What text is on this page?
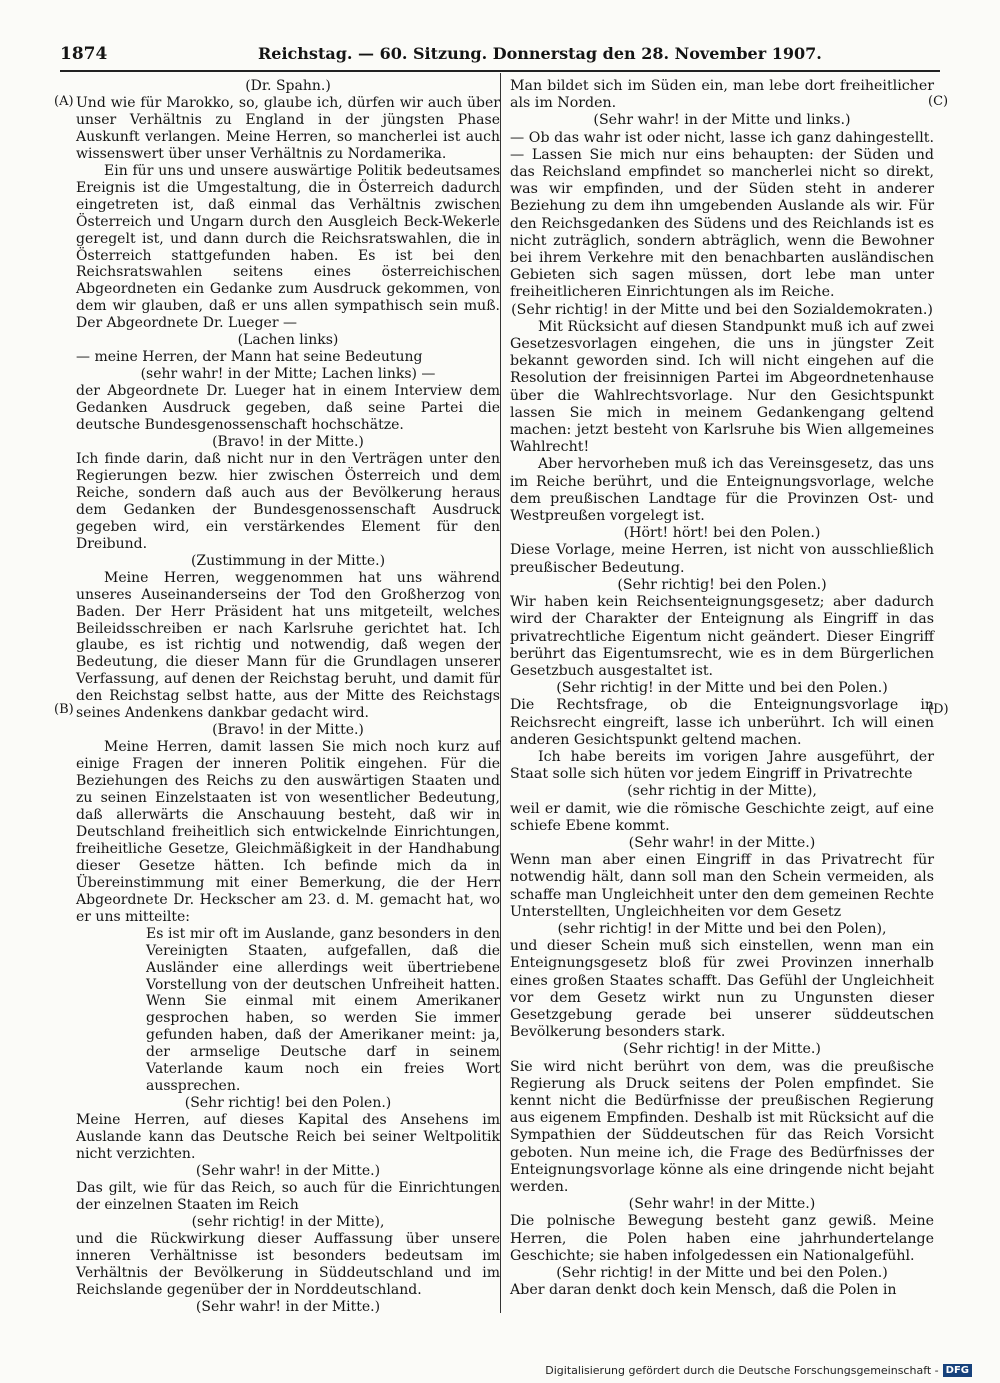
1874	Reichstag. — 60. Sitzung. Donnerstag den 28. November 1907.
(A)
(B)
(C)
(D)

(Dr. Spahn.)

Und wie für Marokko, so, glaube ich, dürfen wir auch über unser Verhältnis zu England in der jüngsten Phase Auskunft verlangen. Meine Herren, so mancherlei ist auch wissenswert über unser Verhältnis zu Nordamerika.

Ein für uns und unsere auswärtige Politik bedeutsames Ereignis ist die Umgestaltung, die in Österreich dadurch eingetreten ist, daß einmal das Verhältnis zwischen Österreich und Ungarn durch den Ausgleich Beck-Wekerle geregelt ist, und dann durch die Reichsratswahlen, die in Österreich stattgefunden haben. Es ist bei den Reichsratswahlen seitens eines österreichischen Abgeordneten ein Gedanke zum Ausdruck gekommen, von dem wir glauben, daß er uns allen sympathisch sein muß. Der Abgeordnete Dr. Lueger —

(Lachen links)

— meine Herren, der Mann hat seine Bedeutung

(sehr wahr! in der Mitte; Lachen links) —

der Abgeordnete Dr. Lueger hat in einem Interview dem Gedanken Ausdruck gegeben, daß seine Partei die deutsche Bundesgenossenschaft hochschätze.

(Bravo! in der Mitte.)

Ich finde darin, daß nicht nur in den Verträgen unter den Regierungen bezw. hier zwischen Österreich und dem Reiche, sondern daß auch aus der Bevölkerung heraus dem Gedanken der Bundesgenossenschaft Ausdruck gegeben wird, ein verstärkendes Element für den Dreibund.

(Zustimmung in der Mitte.)

Meine Herren, weggenommen hat uns während unseres Auseinanderseins der Tod den Großherzog von Baden. Der Herr Präsident hat uns mitgeteilt, welches Beileidsschreiben er nach Karlsruhe gerichtet hat. Ich glaube, es ist richtig und notwendig, daß wegen der Bedeutung, die dieser Mann für die Grundlagen unserer Verfassung, auf denen der Reichstag beruht, und damit für den Reichstag selbst hatte, aus der Mitte des Reichstags seines Andenkens dankbar gedacht wird.

(Bravo! in der Mitte.)

Meine Herren, damit lassen Sie mich noch kurz auf einige Fragen der inneren Politik eingehen. Für die Beziehungen des Reichs zu den auswärtigen Staaten und zu seinen Einzelstaaten ist von wesentlicher Bedeutung, daß allerwärts die Anschauung besteht, daß wir in Deutschland freiheitlich sich entwickelnde Einrichtungen, freiheitliche Gesetze, Gleichmäßigkeit in der Handhabung dieser Gesetze hätten. Ich befinde mich da in Übereinstimmung mit einer Bemerkung, die der Herr Abgeordnete Dr. Heckscher am 23. d. M. gemacht hat, wo er uns mitteilte:

Es ist mir oft im Auslande, ganz besonders in den Vereinigten Staaten, aufgefallen, daß die Ausländer eine allerdings weit übertriebene Vorstellung von der deutschen Unfreiheit hatten. Wenn Sie einmal mit einem Amerikaner gesprochen haben, so werden Sie immer gefunden haben, daß der Amerikaner meint: ja, der armselige Deutsche darf in seinem Vaterlande kaum noch ein freies Wort aussprechen.

(Sehr richtig! bei den Polen.)

Meine Herren, auf dieses Kapital des Ansehens im Auslande kann das Deutsche Reich bei seiner Weltpolitik nicht verzichten.

(Sehr wahr! in der Mitte.)

Das gilt, wie für das Reich, so auch für die Einrichtungen der einzelnen Staaten im Reich

(sehr richtig! in der Mitte),

und die Rückwirkung dieser Auffassung über unsere inneren Verhältnisse ist besonders bedeutsam im Verhältnis der Bevölkerung in Süddeutschland und im Reichslande gegenüber der in Norddeutschland.

(Sehr wahr! in der Mitte.)

Man bildet sich im Süden ein, man lebe dort freiheitlicher als im Norden.

(Sehr wahr! in der Mitte und links.)

— Ob das wahr ist oder nicht, lasse ich ganz dahingestellt. — Lassen Sie mich nur eins behaupten: der Süden und das Reichsland empfindet so mancherlei nicht so direkt, was wir empfinden, und der Süden steht in anderer Beziehung zu dem ihn umgebenden Auslande als wir. Für den Reichsgedanken des Südens und des Reichlands ist es nicht zuträglich, sondern abträglich, wenn die Bewohner bei ihrem Verkehre mit den benachbarten ausländischen Gebieten sich sagen müssen, dort lebe man unter freiheitlicheren Einrichtungen als im Reiche.

(Sehr richtig! in der Mitte und bei den Sozialdemokraten.)

Mit Rücksicht auf diesen Standpunkt muß ich auf zwei Gesetzesvorlagen eingehen, die uns in jüngster Zeit bekannt geworden sind. Ich will nicht eingehen auf die Resolution der freisinnigen Partei im Abgeordnetenhause über die Wahlrechtsvorlage. Nur den Gesichtspunkt lassen Sie mich in meinem Gedankengang geltend machen: jetzt besteht von Karlsruhe bis Wien allgemeines Wahlrecht!

Aber hervorheben muß ich das Vereinsgesetz, das uns im Reiche berührt, und die Enteignungsvorlage, welche dem preußischen Landtage für die Provinzen Ost- und Westpreußen vorgelegt ist.

(Hört! hört! bei den Polen.)

Diese Vorlage, meine Herren, ist nicht von ausschließlich preußischer Bedeutung.

(Sehr richtig! bei den Polen.)

Wir haben kein Reichsenteignungsgesetz; aber dadurch wird der Charakter der Enteignung als Eingriff in das privatrechtliche Eigentum nicht geändert. Dieser Eingriff berührt das Eigentumsrecht, wie es in dem Bürgerlichen Gesetzbuch ausgestaltet ist.

(Sehr richtig! in der Mitte und bei den Polen.)

Die Rechtsfrage, ob die Enteignungsvorlage in Reichsrecht eingreift, lasse ich unberührt. Ich will einen anderen Gesichtspunkt geltend machen.

Ich habe bereits im vorigen Jahre ausgeführt, der Staat solle sich hüten vor jedem Eingriff in Privatrechte

(sehr richtig in der Mitte),

weil er damit, wie die römische Geschichte zeigt, auf eine schiefe Ebene kommt.

(Sehr wahr! in der Mitte.)

Wenn man aber einen Eingriff in das Privatrecht für notwendig hält, dann soll man den Schein vermeiden, als schaffe man Ungleichheit unter den dem gemeinen Rechte Unterstellten, Ungleichheiten vor dem Gesetz

(sehr richtig! in der Mitte und bei den Polen),

und dieser Schein muß sich einstellen, wenn man ein Enteignungsgesetz bloß für zwei Provinzen innerhalb eines großen Staates schafft. Das Gefühl der Ungleichheit vor dem Gesetz wirkt nun zu Ungunsten dieser Gesetzgebung gerade bei unserer süddeutschen Bevölkerung besonders stark.

(Sehr richtig! in der Mitte.)

Sie wird nicht berührt von dem, was die preußische Regierung als Druck seitens der Polen empfindet. Sie kennt nicht die Bedürfnisse der preußischen Regierung aus eigenem Empfinden. Deshalb ist mit Rücksicht auf die Sympathien der Süddeutschen für das Reich Vorsicht geboten. Nun meine ich, die Frage des Bedürfnisses der Enteignungsvorlage könne als eine dringende nicht bejaht werden.

(Sehr wahr! in der Mitte.)

Die polnische Bewegung besteht ganz gewiß. Meine Herren, die Polen haben eine jahrhundertelange Geschichte; sie haben infolgedessen ein Nationalgefühl.

(Sehr richtig! in der Mitte und bei den Polen.)

Aber daran denkt doch kein Mensch, daß die Polen in

Digitalisierung gefördert durch die Deutsche Forschungsgemeinschaft - DFG
